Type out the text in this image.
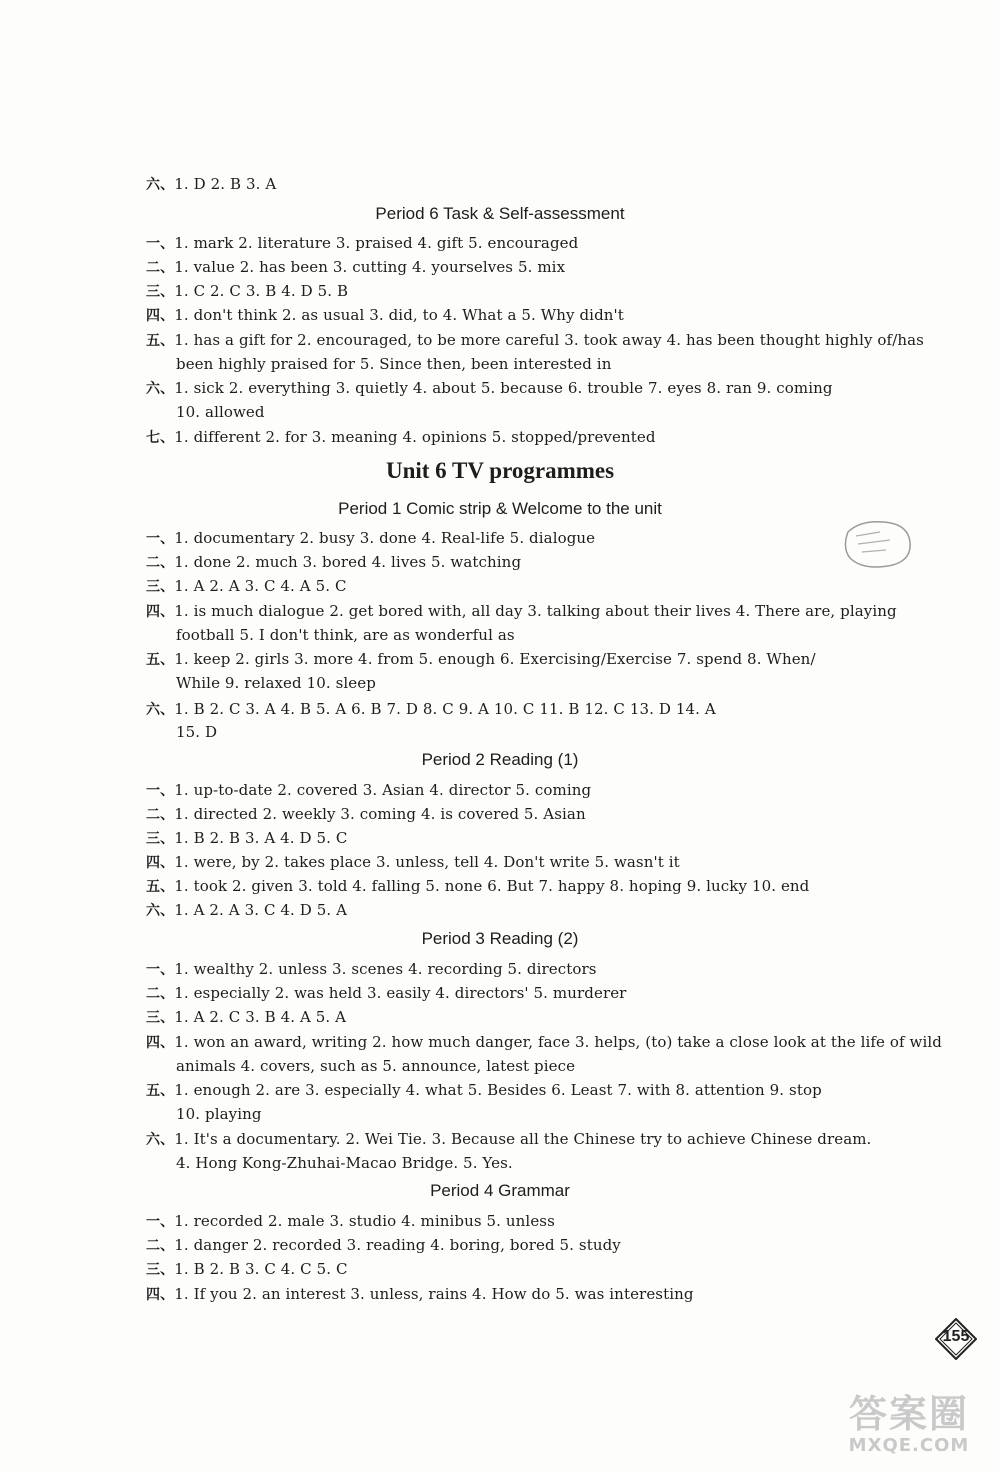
六、1. D 2. B 3. A
Period 6 Task & Self-assessment
一、1. mark 2. literature 3. praised 4. gift 5. encouraged
二、1. value 2. has been 3. cutting 4. yourselves 5. mix
三、1. C 2. C 3. B 4. D 5. B
四、1. don't think 2. as usual 3. did, to 4. What a 5. Why didn't
五、1. has a gift for 2. encouraged, to be more careful 3. took away 4. has been thought highly of/has
been highly praised for 5. Since then, been interested in
六、1. sick 2. everything 3. quietly 4. about 5. because 6. trouble 7. eyes 8. ran 9. coming
10. allowed
七、1. different 2. for 3. meaning 4. opinions 5. stopped/prevented
Unit 6 TV programmes
Period 1 Comic strip & Welcome to the unit
一、1. documentary 2. busy 3. done 4. Real-life 5. dialogue
二、1. done 2. much 3. bored 4. lives 5. watching
三、1. A 2. A 3. C 4. A 5. C
四、1. is much dialogue 2. get bored with, all day 3. talking about their lives 4. There are, playing
football 5. I don't think, are as wonderful as
五、1. keep 2. girls 3. more 4. from 5. enough 6. Exercising/Exercise 7. spend 8. When/
While 9. relaxed 10. sleep
六、1. B 2. C 3. A 4. B 5. A 6. B 7. D 8. C 9. A 10. C 11. B 12. C 13. D 14. A
15. D
Period 2 Reading (1)
一、1. up-to-date 2. covered 3. Asian 4. director 5. coming
二、1. directed 2. weekly 3. coming 4. is covered 5. Asian
三、1. B 2. B 3. A 4. D 5. C
四、1. were, by 2. takes place 3. unless, tell 4. Don't write 5. wasn't it
五、1. took 2. given 3. told 4. falling 5. none 6. But 7. happy 8. hoping 9. lucky 10. end
六、1. A 2. A 3. C 4. D 5. A
Period 3 Reading (2)
一、1. wealthy 2. unless 3. scenes 4. recording 5. directors
二、1. especially 2. was held 3. easily 4. directors' 5. murderer
三、1. A 2. C 3. B 4. A 5. A
四、1. won an award, writing 2. how much danger, face 3. helps, (to) take a close look at the life of wild
animals 4. covers, such as 5. announce, latest piece
五、1. enough 2. are 3. especially 4. what 5. Besides 6. Least 7. with 8. attention 9. stop
10. playing
六、1. It's a documentary. 2. Wei Tie. 3. Because all the Chinese try to achieve Chinese dream.
4. Hong Kong-Zhuhai-Macao Bridge. 5. Yes.
Period 4 Grammar
一、1. recorded 2. male 3. studio 4. minibus 5. unless
二、1. danger 2. recorded 3. reading 4. boring, bored 5. study
三、1. B 2. B 3. C 4. C 5. C
四、1. If you 2. an interest 3. unless, rains 4. How do 5. was interesting
155
答案圈
MXQE.COM
